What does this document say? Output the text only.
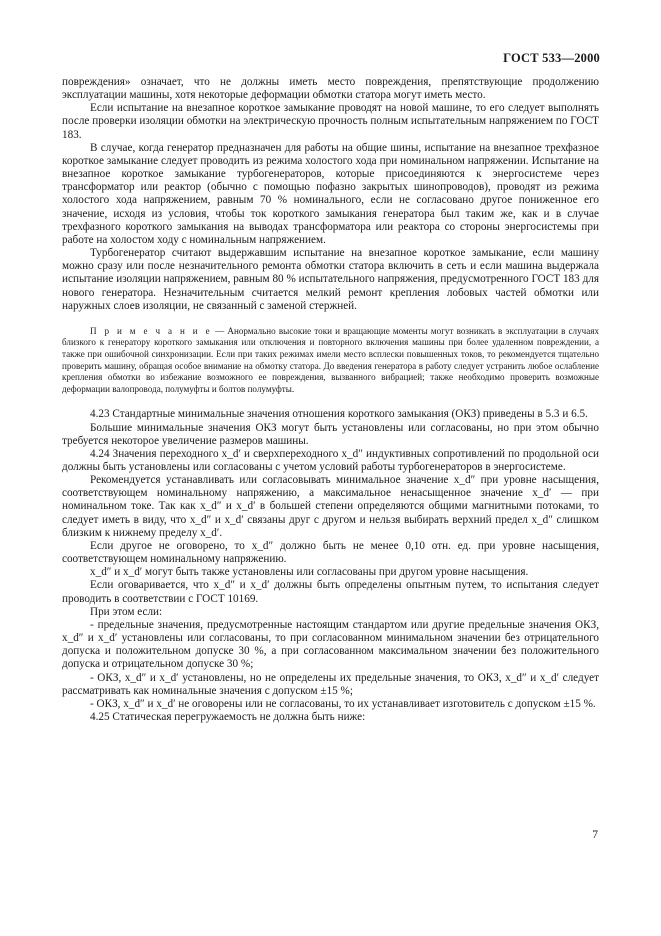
ГОСТ 533—2000

повреждения» означает, что не должны иметь место повреждения, препятствующие продолжению эксплуатации машины, хотя некоторые деформации обмотки статора могут иметь место.

Если испытание на внезапное короткое замыкание проводят на новой машине, то его следует выполнять после проверки изоляции обмотки на электрическую прочность полным испытательным напряжением по ГОСТ 183.

В случае, когда генератор предназначен для работы на общие шины, испытание на внезапное трехфазное короткое замыкание следует проводить из режима холостого хода при номинальном напряжении. Испытание на внезапное короткое замыкание турбогенераторов, которые присоединяются к энергосистеме через трансформатор или реактор (обычно с помощью пофазно закрытых шинопроводов), проводят из режима холостого хода напряжением, равным 70 % номинального, если не согласовано другое пониженное его значение, исходя из условия, чтобы ток короткого замыкания генератора был таким же, как и в случае трехфазного короткого замыкания на выводах трансформатора или реактора со стороны энергосистемы при работе на холостом ходу с номинальным напряжением.

Турбогенератор считают выдержавшим испытание на внезапное короткое замыкание, если машину можно сразу или после незначительного ремонта обмотки статора включить в сеть и если машина выдержала испытание изоляции напряжением, равным 80 % испытательного напряжения, предусмотренного ГОСТ 183 для нового генератора. Незначительным считается мелкий ремонт крепления лобовых частей обмотки или наружных слоев изоляции, не связанный с заменой стержней.

П р и м е ч а н и е — Анормально высокие токи и вращающие моменты могут возникать в эксплуатации в случаях близкого к генератору короткого замыкания или отключения и повторного включения машины при более удаленном повреждении, а также при ошибочной синхронизации. Если при таких режимах имели место всплески повышенных токов, то рекомендуется тщательно проверить машину, обращая особое внимание на обмотку статора. До введения генератора в работу следует устранить любое ослабление крепления обмотки во избежание возможного ее повреждения, вызванного вибрацией; также необходимо проверить возможные деформации валопровода, полумуфты и болтов полумуфты.

4.23 Стандартные минимальные значения отношения короткого замыкания (ОКЗ) приведены в 5.3 и 6.5.

Большие минимальные значения ОКЗ могут быть установлены или согласованы, но при этом обычно требуется некоторое увеличение размеров машины.

4.24 Значения переходного x_d′ и сверхпереходного x_d″ индуктивных сопротивлений по продольной оси должны быть установлены или согласованы с учетом условий работы турбогенераторов в энергосистеме.

Рекомендуется устанавливать или согласовывать минимальное значение x_d″ при уровне насыщения, соответствующем номинальному напряжению, а максимальное ненасыщенное значение x_d′ — при номинальном токе. Так как x_d″ и x_d′ в большей степени определяются общими магнитными потоками, то следует иметь в виду, что x_d″ и x_d′ связаны друг с другом и нельзя выбирать верхний предел x_d″ слишком близким к нижнему пределу x_d′.

Если другое не оговорено, то x_d″ должно быть не менее 0,10 отн. ед. при уровне насыщения, соответствующем номинальному напряжению.

x_d″ и x_d′ могут быть также установлены или согласованы при другом уровне насыщения.

Если оговаривается, что x_d″ и x_d′ должны быть определены опытным путем, то испытания следует проводить в соответствии с ГОСТ 10169.

При этом если:

- предельные значения, предусмотренные настоящим стандартом или другие предельные значения ОКЗ, x_d″ и x_d′ установлены или согласованы, то при согласованном минимальном значении без отрицательного допуска и положительном допуске 30 %, а при согласованном максимальном значении без положительного допуска и отрицательном допуске 30 %;

- ОКЗ, x_d″ и x_d′ установлены, но не определены их предельные значения, то ОКЗ, x_d″ и x_d′ следует рассматривать как номинальные значения с допуском ±15 %;

- ОКЗ, x_d″ и x_d′ не оговорены или не согласованы, то их устанавливает изготовитель с допуском ±15 %.

4.25 Статическая перегружаемость не должна быть ниже:

7
